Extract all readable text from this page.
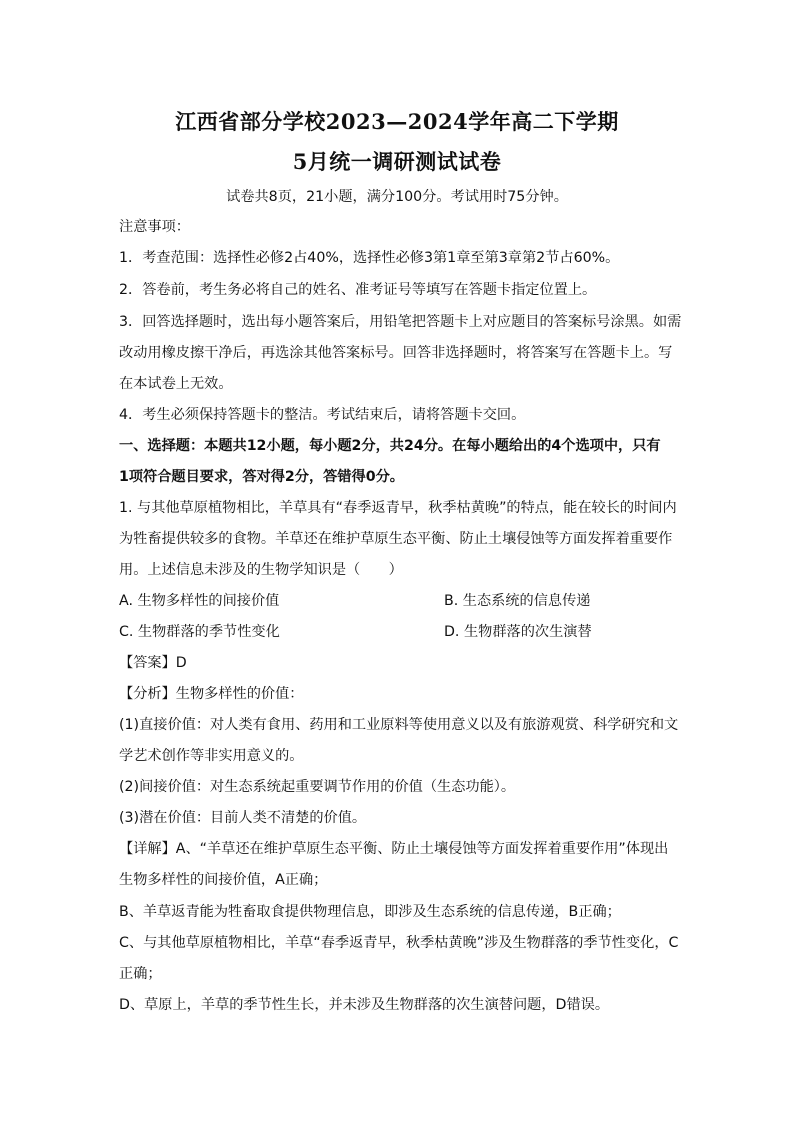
江西省部分学校2023—2024学年高二下学期
5月统一调研测试试卷
试卷共8页，21小题，满分100分。考试用时75分钟。
注意事项：
1．考查范围：选择性必修2占40%，选择性必修3第1章至第3章第2节占60%。
2．答卷前，考生务必将自己的姓名、准考证号等填写在答题卡指定位置上。
3．回答选择题时，选出每小题答案后，用铅笔把答题卡上对应题目的答案标号涂黑。如需
改动用橡皮擦干净后，再选涂其他答案标号。回答非选择题时，将答案写在答题卡上。写
在本试卷上无效。
4．考生必须保持答题卡的整洁。考试结束后，请将答题卡交回。
一、选择题：本题共12小题，每小题2分，共24分。在每小题给出的4个选项中，只有
1项符合题目要求，答对得2分，答错得0分。
1. 与其他草原植物相比，羊草具有“春季返青早，秋季枯黄晚”的特点，能在较长的时间内
为牲畜提供较多的食物。羊草还在维护草原生态平衡、防止土壤侵蚀等方面发挥着重要作
用。上述信息未涉及的生物学知识是（　　）
A. 生物多样性的间接价值	B. 生态系统的信息传递
C. 生物群落的季节性变化	D. 生物群落的次生演替
【答案】D
【分析】生物多样性的价值：
(1)直接价值：对人类有食用、药用和工业原料等使用意义以及有旅游观赏、科学研究和文
学艺术创作等非实用意义的。
(2)间接价值：对生态系统起重要调节作用的价值（生态功能）。
(3)潜在价值：目前人类不清楚的价值。
【详解】A、“羊草还在维护草原生态平衡、防止土壤侵蚀等方面发挥着重要作用”体现出
生物多样性的间接价值，A正确；
B、羊草返青能为牲畜取食提供物理信息，即涉及生态系统的信息传递，B正确；
C、与其他草原植物相比，羊草“春季返青早，秋季枯黄晚”涉及生物群落的季节性变化，C
正确；
D、草原上，羊草的季节性生长，并未涉及生物群落的次生演替问题，D错误。
